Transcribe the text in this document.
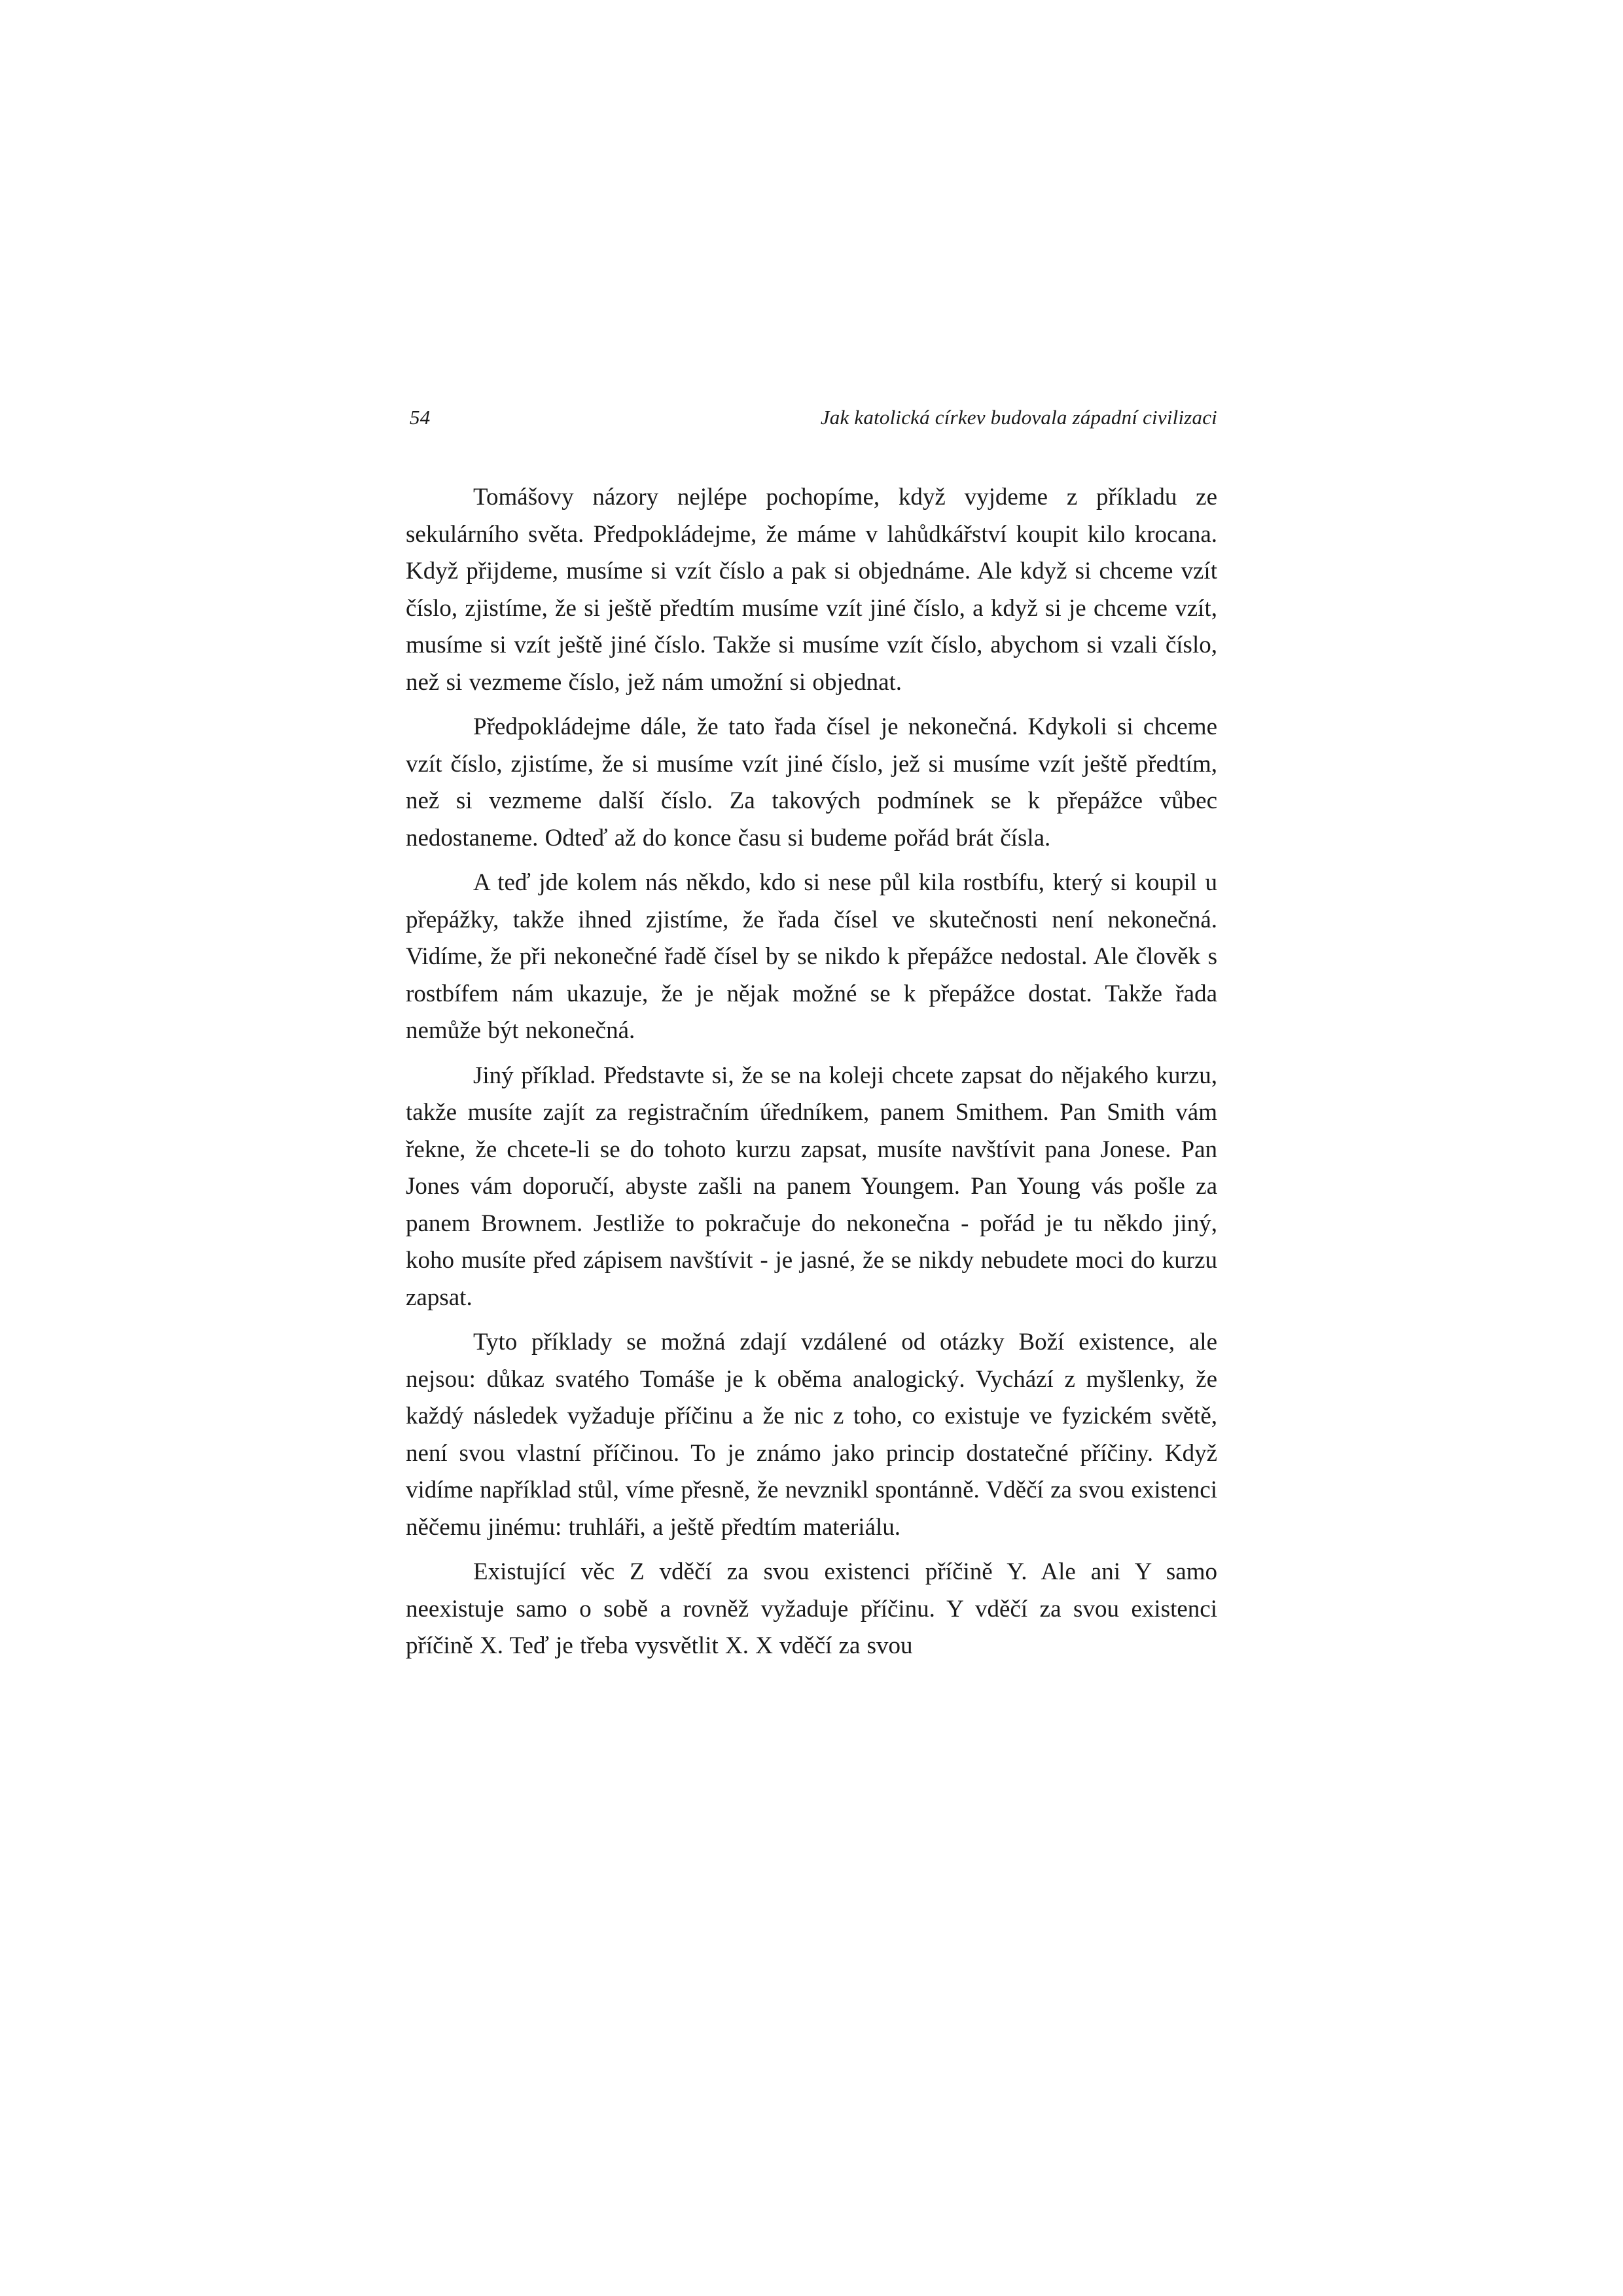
54	Jak katolická církev budovala západní civilizaci

Tomášovy názory nejlépe pochopíme, když vyjdeme z příkladu ze sekulárního světa. Předpokládejme, že máme v lahůdkářství koupit kilo krocana. Když přijdeme, musíme si vzít číslo a pak si objednáme. Ale když si chceme vzít číslo, zjistíme, že si ještě předtím musíme vzít jiné číslo, a když si je chceme vzít, musíme si vzít ještě jiné číslo. Takže si musíme vzít číslo, abychom si vzali číslo, než si vezmeme číslo, jež nám umožní si objednat.

Předpokládejme dále, že tato řada čísel je nekonečná. Kdykoli si chceme vzít číslo, zjistíme, že si musíme vzít jiné číslo, jež si musíme vzít ještě předtím, než si vezmeme další číslo. Za takových podmínek se k přepážce vůbec nedostaneme. Odteď až do konce času si budeme pořád brát čísla.

A teď jde kolem nás někdo, kdo si nese půl kila rostbífu, který si koupil u přepážky, takže ihned zjistíme, že řada čísel ve skutečnosti není nekonečná. Vidíme, že při nekonečné řadě čísel by se nikdo k přepážce nedostal. Ale člověk s rostbífem nám ukazuje, že je nějak možné se k přepážce dostat. Takže řada nemůže být nekonečná.

Jiný příklad. Představte si, že se na koleji chcete zapsat do nějakého kurzu, takže musíte zajít za registračním úředníkem, panem Smithem. Pan Smith vám řekne, že chcete-li se do tohoto kurzu zapsat, musíte navštívit pana Jonese. Pan Jones vám doporučí, abyste zašli na panem Youngem. Pan Young vás pošle za panem Brownem. Jestliže to pokračuje do nekonečna - pořád je tu někdo jiný, koho musíte před zápisem navštívit - je jasné, že se nikdy nebudete moci do kurzu zapsat.

Tyto příklady se možná zdají vzdálené od otázky Boží existence, ale nejsou: důkaz svatého Tomáše je k oběma analogický. Vychází z myšlenky, že každý následek vyžaduje příčinu a že nic z toho, co existuje ve fyzickém světě, není svou vlastní příčinou. To je známo jako princip dostatečné příčiny. Když vidíme například stůl, víme přesně, že nevznikl spontánně. Vděčí za svou existenci něčemu jinému: truhláři, a ještě předtím materiálu.

Existující věc Z vděčí za svou existenci příčině Y. Ale ani Y samo neexistuje samo o sobě a rovněž vyžaduje příčinu. Y vděčí za svou existenci příčině X. Teď je třeba vysvětlit X. X vděčí za svou
